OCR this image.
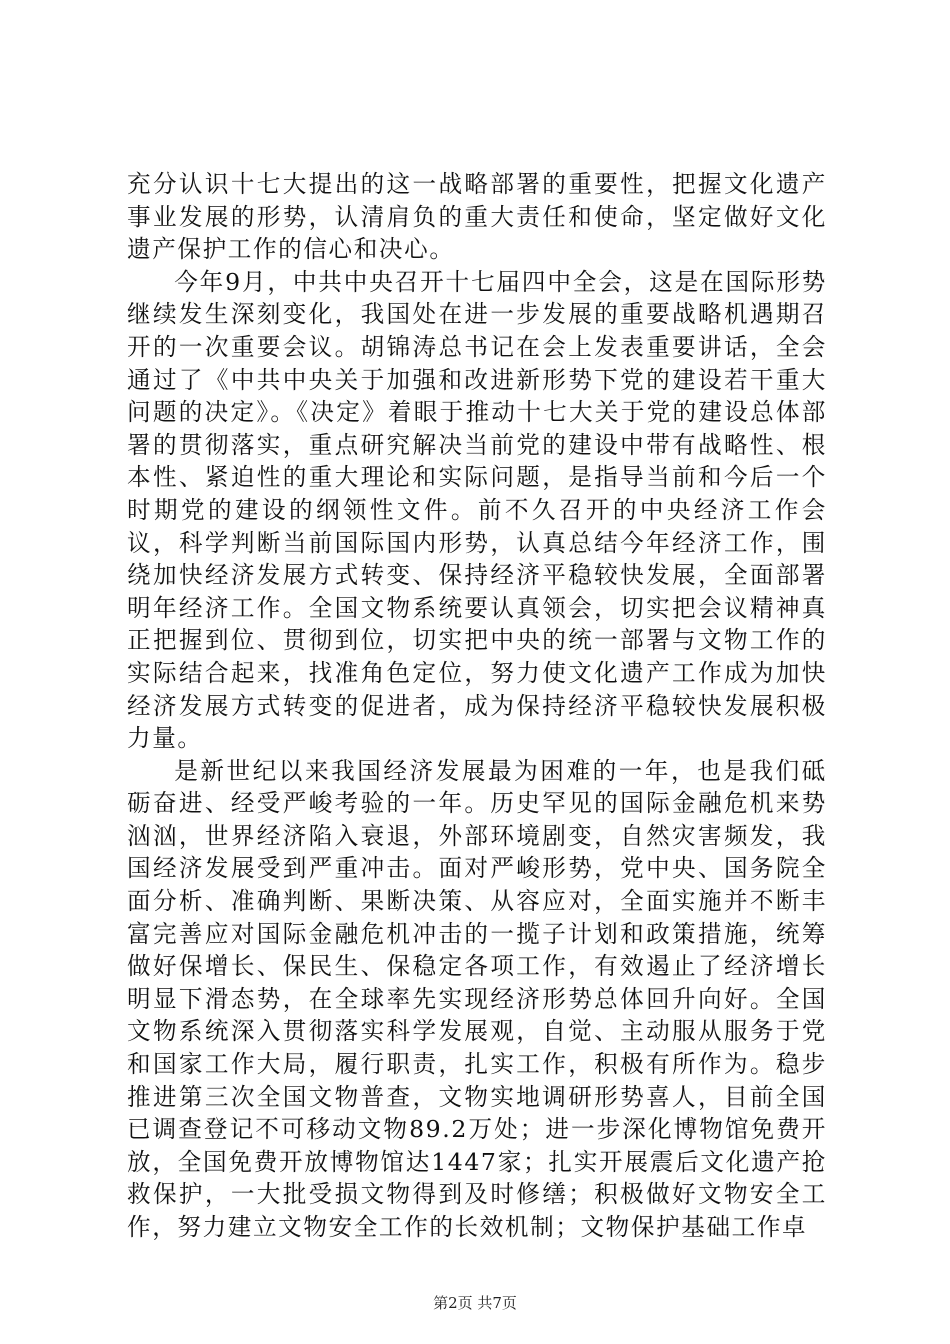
充分认识十七大提出的这一战略部署的重要性，把握文化遗产事业发展的形势，认清肩负的重大责任和使命，坚定做好文化遗产保护工作的信心和决心。

今年9月，中共中央召开十七届四中全会，这是在国际形势继续发生深刻变化，我国处在进一步发展的重要战略机遇期召开的一次重要会议。胡锦涛总书记在会上发表重要讲话，全会通过了《中共中央关于加强和改进新形势下党的建设若干重大问题的决定》。《决定》着眼于推动十七大关于党的建设总体部署的贯彻落实，重点研究解决当前党的建设中带有战略性、根本性、紧迫性的重大理论和实际问题，是指导当前和今后一个时期党的建设的纲领性文件。前不久召开的中央经济工作会议，科学判断当前国际国内形势，认真总结今年经济工作，围绕加快经济发展方式转变、保持经济平稳较快发展，全面部署明年经济工作。全国文物系统要认真领会，切实把会议精神真正把握到位、贯彻到位，切实把中央的统一部署与文物工作的实际结合起来，找准角色定位，努力使文化遗产工作成为加快经济发展方式转变的促进者，成为保持经济平稳较快发展积极力量。

是新世纪以来我国经济发展最为困难的一年，也是我们砥砺奋进、经受严峻考验的一年。历史罕见的国际金融危机来势汹汹，世界经济陷入衰退，外部环境剧变，自然灾害频发，我国经济发展受到严重冲击。面对严峻形势，党中央、国务院全面分析、准确判断、果断决策、从容应对，全面实施并不断丰富完善应对国际金融危机冲击的一揽子计划和政策措施，统筹做好保增长、保民生、保稳定各项工作，有效遏止了经济增长明显下滑态势，在全球率先实现经济形势总体回升向好。全国文物系统深入贯彻落实科学发展观，自觉、主动服从服务于党和国家工作大局，履行职责，扎实工作，积极有所作为。稳步推进第三次全国文物普查，文物实地调研形势喜人，目前全国已调查登记不可移动文物89.2万处；进一步深化博物馆免费开放，全国免费开放博物馆达1447家；扎实开展震后文化遗产抢救保护，一大批受损文物得到及时修缮；积极做好文物安全工作，努力建立文物安全工作的长效机制；文物保护基础工作卓

第2页 共7页
